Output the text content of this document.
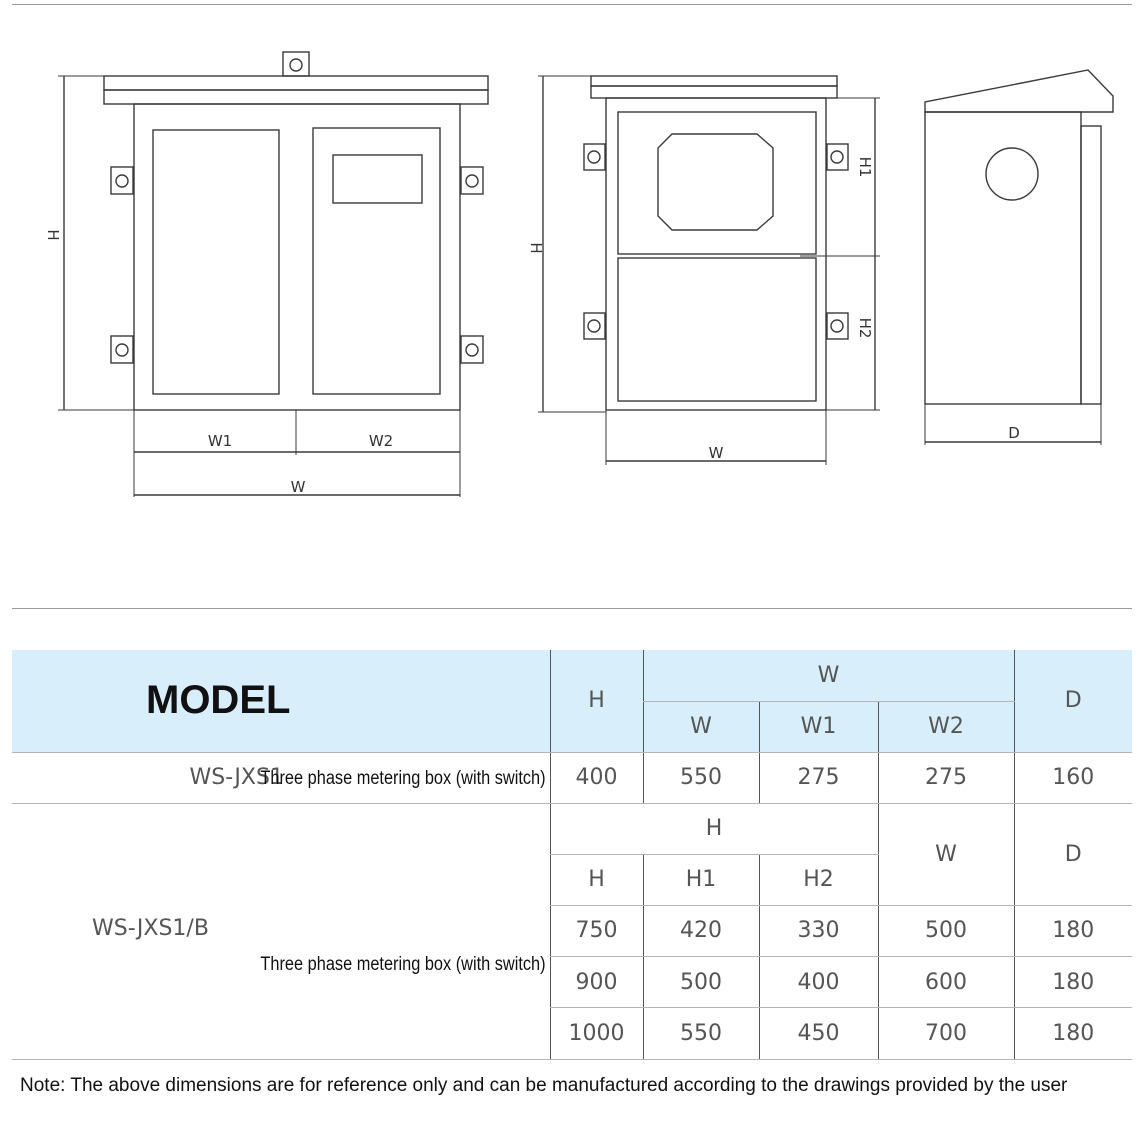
H
W1	W2
W
H
H1
H2
W
D
MODEL	H	W			D
		W	W1	W2	
WS-JXS1Three phase metering box (with switch)	400	550	275	275	160

WS-JXS1/B
Three phase metering box (with switch)	H			W	D
	H	H1	H2		
	750	420	330	500	180
	900	500	400	600	180
	1000	550	450	700	180
Note: The above dimensions are for reference only and can be manufactured according to the drawings provided by the user
